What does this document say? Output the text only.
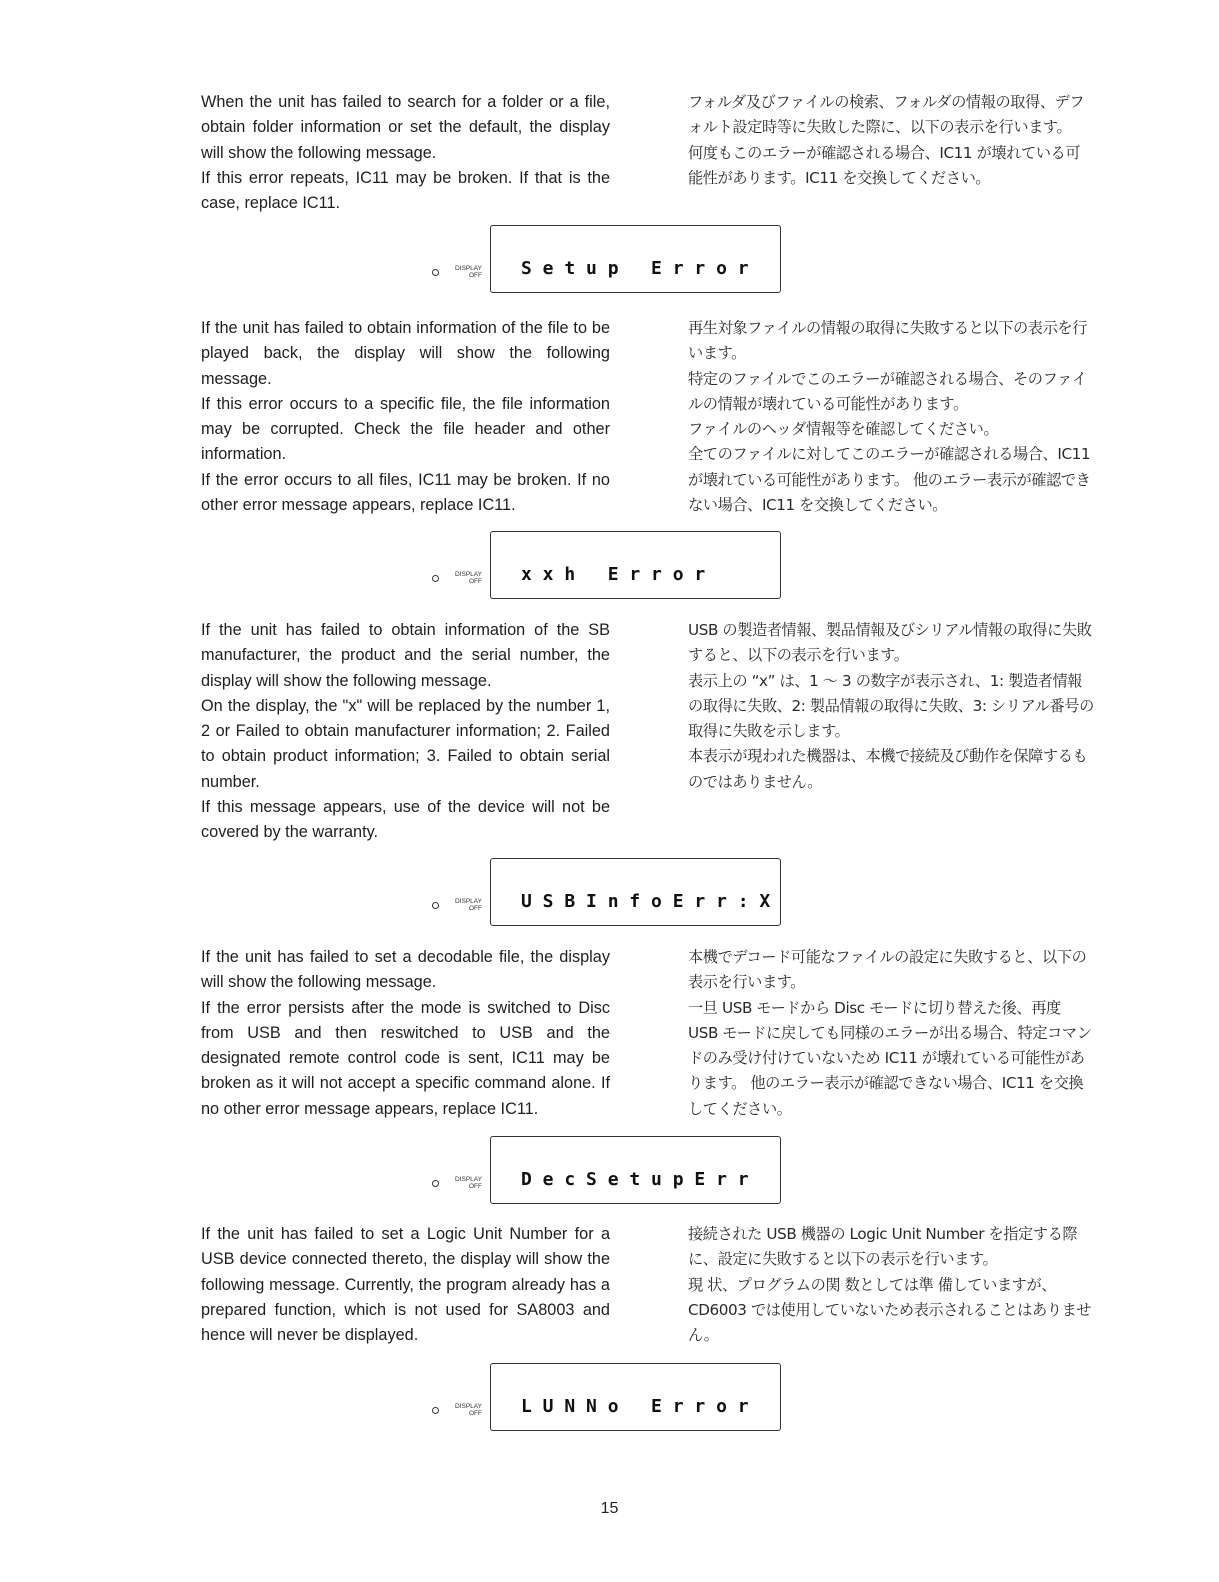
When the unit has failed to search for a folder or a file, obtain folder information or set the default, the display will show the following message.

If this error repeats, IC11 may be broken. If that is the case, replace IC11.

フォルダ及びファイルの検索、フォルダの情報の取得、デフォルト設定時等に失敗した際に、以下の表示を行います。

何度もこのエラーが確認される場合、IC11 が壊れている可能性があります。IC11 を交換してください。

DISPLAY
OFF S e t u p   E r r o r

If the unit has failed to obtain information of the file to be played back, the display will show the following message.

If this error occurs to a specific file, the file information may be corrupted. Check the file header and other information.

If the error occurs to all files, IC11 may be broken. If no other error message appears, replace IC11.

再生対象ファイルの情報の取得に失敗すると以下の表示を行います。

特定のファイルでこのエラーが確認される場合、そのファイルの情報が壊れている可能性があります。

ファイルのヘッダ情報等を確認してください。

全てのファイルに対してこのエラーが確認される場合、IC11 が壊れている可能性があります。 他のエラー表示が確認できない場合、IC11 を交換してください。

DISPLAY
OFF x x h   E r r o r

If the unit has failed to obtain information of the SB manufacturer, the product and the serial number, the display will show the following message.

On the display, the "x" will be replaced by the number 1, 2 or Failed to obtain manufacturer information; 2. Failed to obtain product information; 3. Failed to obtain serial number.

If this message appears, use of the device will not be covered by the warranty.

USB の製造者情報、製品情報及びシリアル情報の取得に失敗すると、以下の表示を行います。

表示上の “x” は、1 ～ 3 の数字が表示され、1: 製造者情報の取得に失敗、2: 製品情報の取得に失敗、3: シリアル番号の取得に失敗を示します。

本表示が現われた機器は、本機で接続及び動作を保障するものではありません。

DISPLAY
OFF U S B I n f o E r r : X

If the unit has failed to set a decodable file, the display will show the following message.

If the error persists after the mode is switched to Disc from USB and then reswitched to USB and the designated remote control code is sent, IC11 may be broken as it will not accept a specific command alone. If no other error message appears, replace IC11.

本機でデコード可能なファイルの設定に失敗すると、以下の表示を行います。

一旦 USB モードから Disc モードに切り替えた後、再度 USB モードに戻しても同様のエラーが出る場合、特定コマンドのみ受け付けていないため IC11 が壊れている可能性があります。 他のエラー表示が確認できない場合、IC11 を交換してください。

DISPLAY
OFF D e c S e t u p E r r

If the unit has failed to set a Logic Unit Number for a USB device connected thereto, the display will show the following message. Currently, the program already has a prepared function, which is not used for SA8003 and hence will never be displayed.

接続された USB 機器の Logic Unit Number を指定する際に、設定に失敗すると以下の表示を行います。

現 状、プログラムの関 数としては準 備していますが、CD6003 では使用していないため表示されることはありません。

DISPLAY
OFF L U N N o   E r r o r
15
